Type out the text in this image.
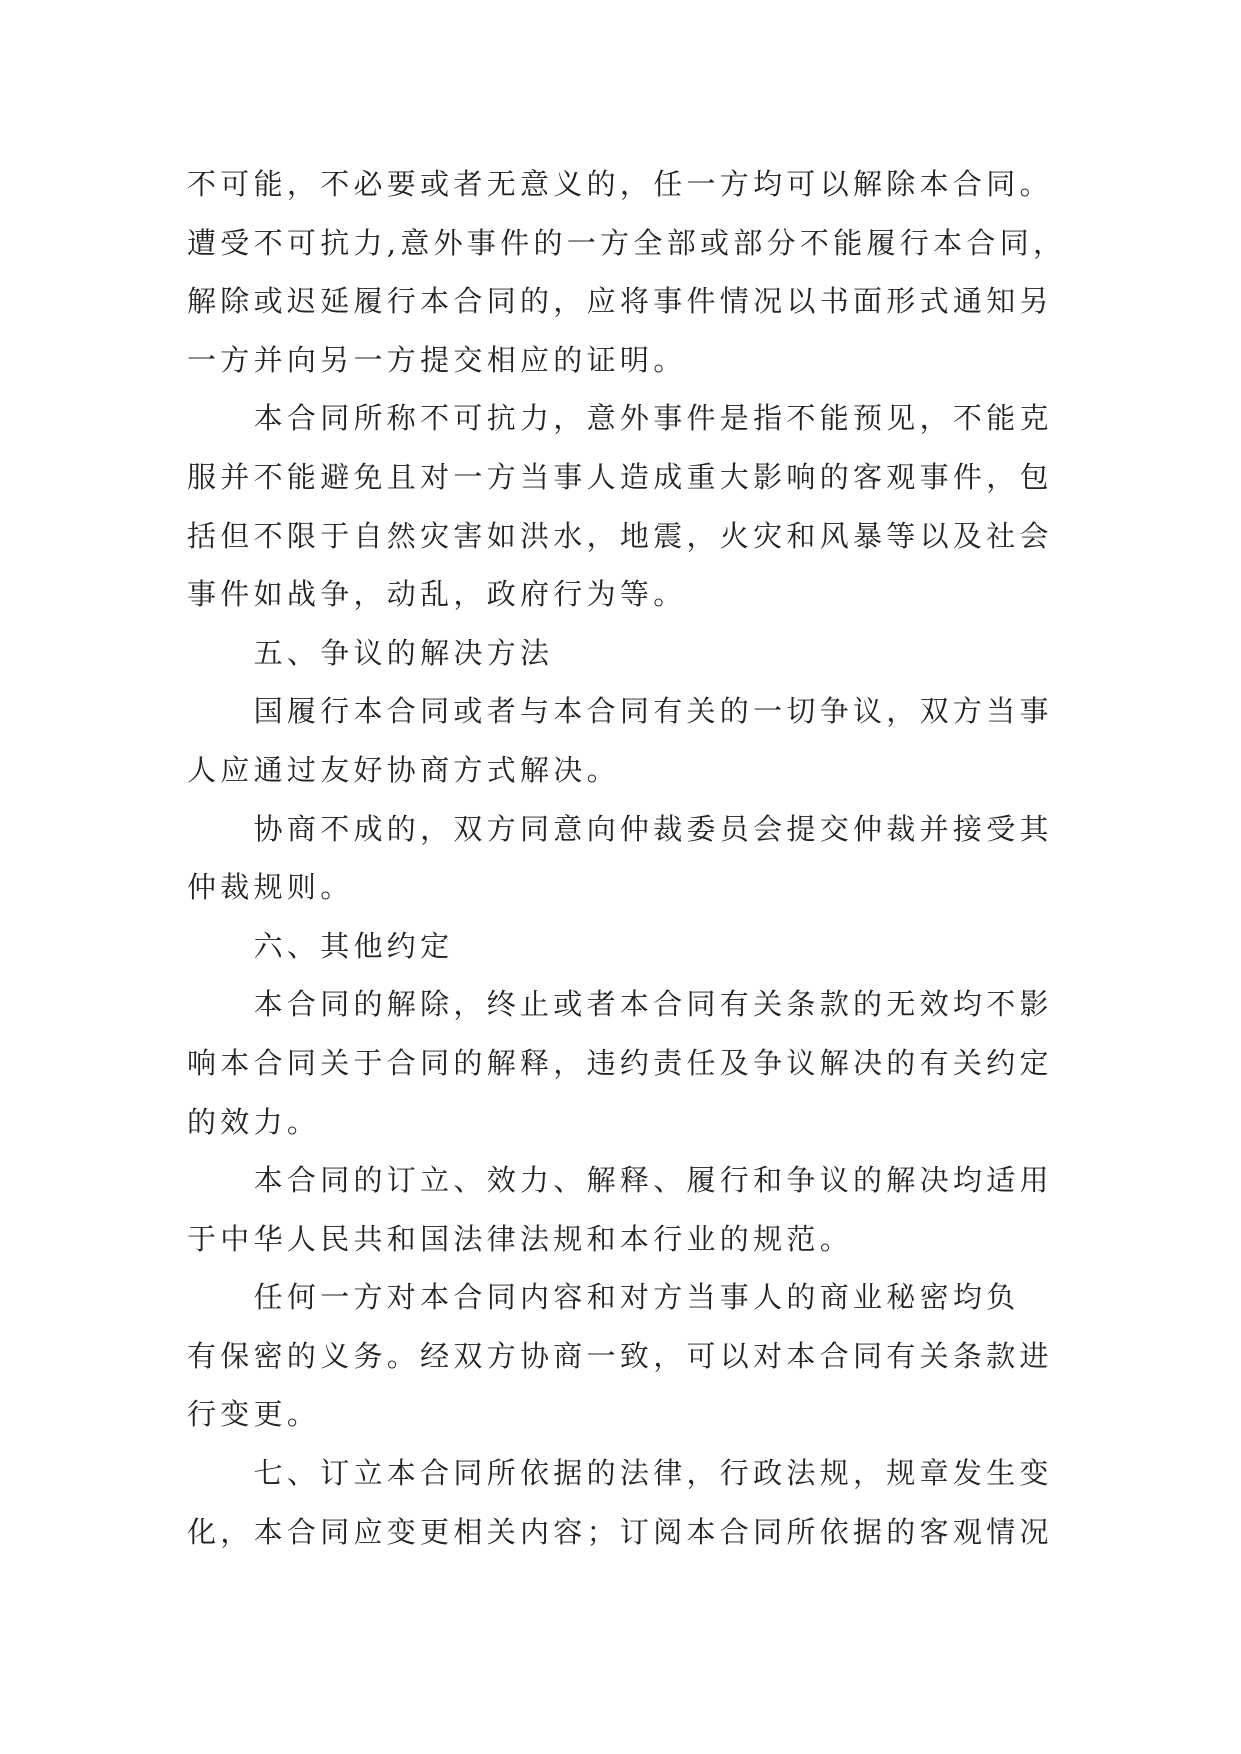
不可能，不必要或者无意义的，任一方均可以解除本合同。
遭受不可抗力,意外事件的一方全部或部分不能履行本合同，
解除或迟延履行本合同的，应将事件情况以书面形式通知另
一方并向另一方提交相应的证明。
本合同所称不可抗力，意外事件是指不能预见，不能克
服并不能避免且对一方当事人造成重大影响的客观事件，包
括但不限于自然灾害如洪水，地震，火灾和风暴等以及社会
事件如战争，动乱，政府行为等。
五、争议的解决方法
国履行本合同或者与本合同有关的一切争议，双方当事
人应通过友好协商方式解决。
协商不成的，双方同意向仲裁委员会提交仲裁并接受其
仲裁规则。
六、其他约定
本合同的解除，终止或者本合同有关条款的无效均不影
响本合同关于合同的解释，违约责任及争议解决的有关约定
的效力。
本合同的订立、效力、解释、履行和争议的解决均适用
于中华人民共和国法律法规和本行业的规范。
任何一方对本合同内容和对方当事人的商业秘密均负
有保密的义务。经双方协商一致，可以对本合同有关条款进
行变更。
七、订立本合同所依据的法律，行政法规，规章发生变
化，本合同应变更相关内容；订阅本合同所依据的客观情况
